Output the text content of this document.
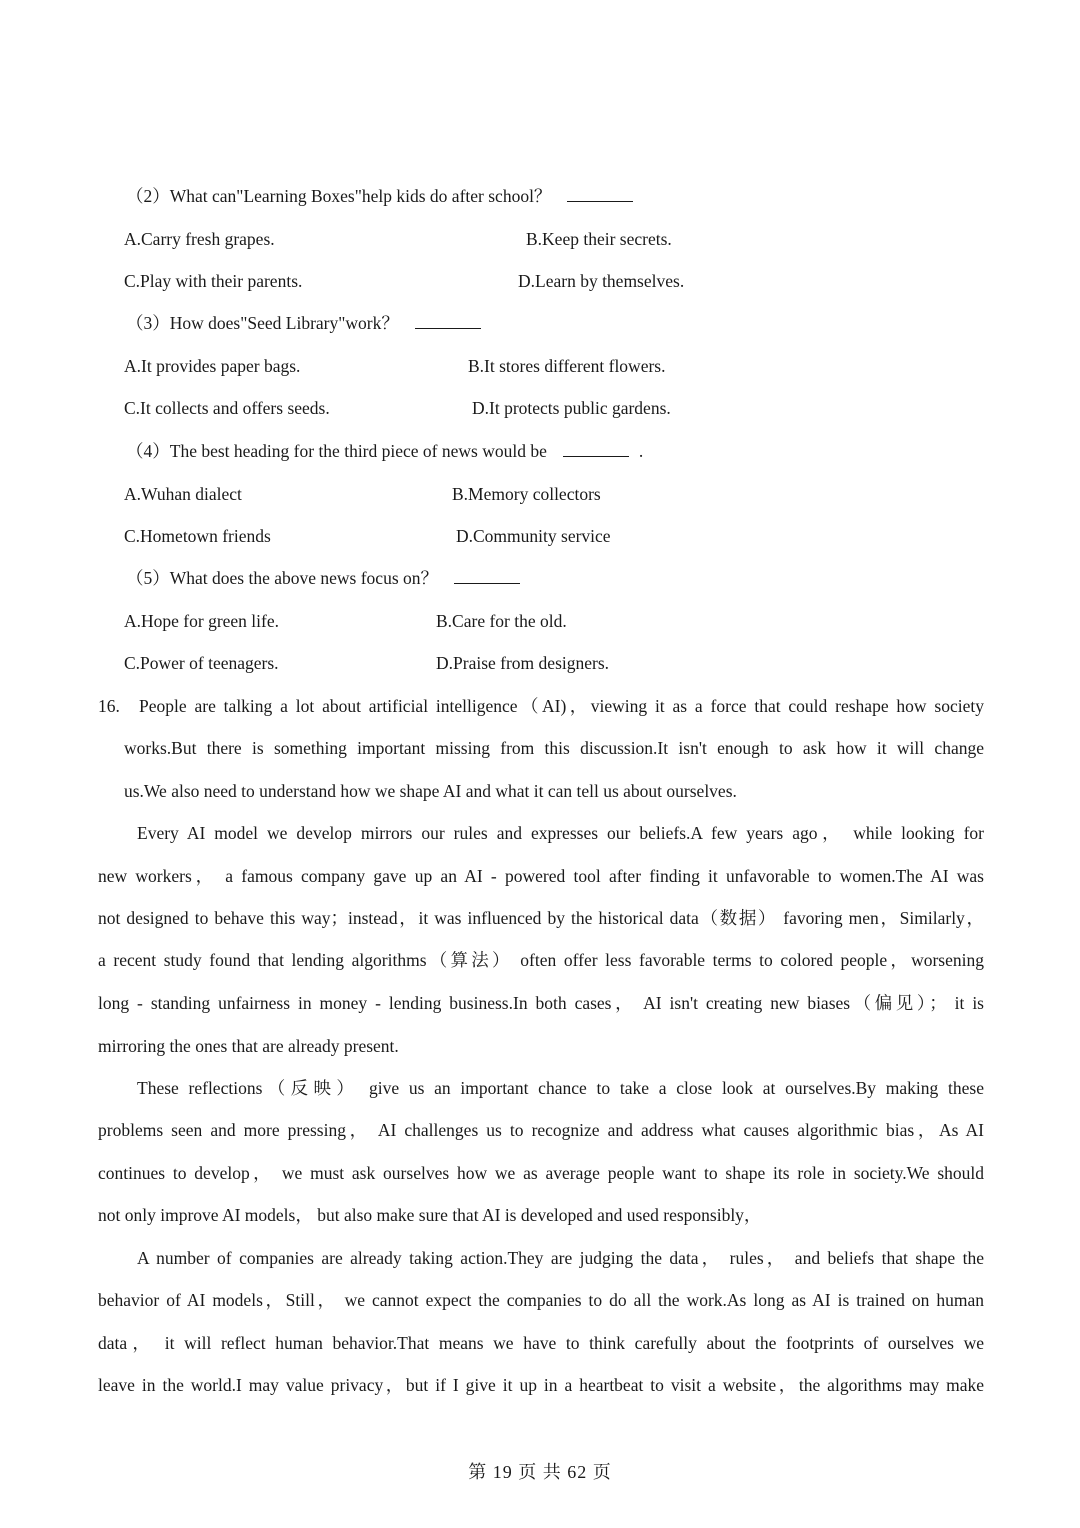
（2）What can"Learning Boxes"help kids do after school？
A.Carry fresh grapes.	B.Keep their secrets.
C.Play with their parents.	D.Learn by themselves.
（3）How does"Seed Library"work？
A.It provides paper bags.	B.It stores different flowers.
C.It collects and offers seeds.	D.It protects public gardens.
（4）The best heading for the third piece of news would be	.
A.Wuhan dialect	B.Memory collectors
C.Hometown friends	D.Community service
（5）What does the above news focus on？
A.Hope for green life.	B.Care for the old.
C.Power of teenagers.	D.Praise from designers.
16. People are talking a lot about artificial intelligence（AI)，viewing it as a force that could reshape how society
works.But there is something important missing from this discussion.It isn't enough to ask how it will change
us.We also need to understand how we shape AI and what it can tell us about ourselves.
Every AI model we develop mirrors our rules and expresses our beliefs.A few years ago， while looking for
new workers， a famous company gave up an AI - powered tool after finding it unfavorable to women.The AI was
not designed to behave this way；instead，it was influenced by the historical data（数据） favoring men，Similarly，
a recent study found that lending algorithms（算法） often offer less favorable terms to colored people，worsening
long - standing unfairness in money - lending business.In both cases， AI isn't creating new biases（偏见）； it is
mirroring the ones that are already present.
These reflections（反映） give us an important chance to take a close look at ourselves.By making these
problems seen and more pressing， AI challenges us to recognize and address what causes algorithmic bias，As AI
continues to develop， we must ask ourselves how we as average people want to shape its role in society.We should
not only improve AI models， but also make sure that AI is developed and used responsibly，
A number of companies are already taking action.They are judging the data， rules， and beliefs that shape the
behavior of AI models，Still， we cannot expect the companies to do all the work.As long as AI is trained on human
data， it will reflect human behavior.That means we have to think carefully about the footprints of ourselves we
leave in the world.I may value privacy，but if I give it up in a heartbeat to visit a website，the algorithms may make
第 19 页 共 62 页
